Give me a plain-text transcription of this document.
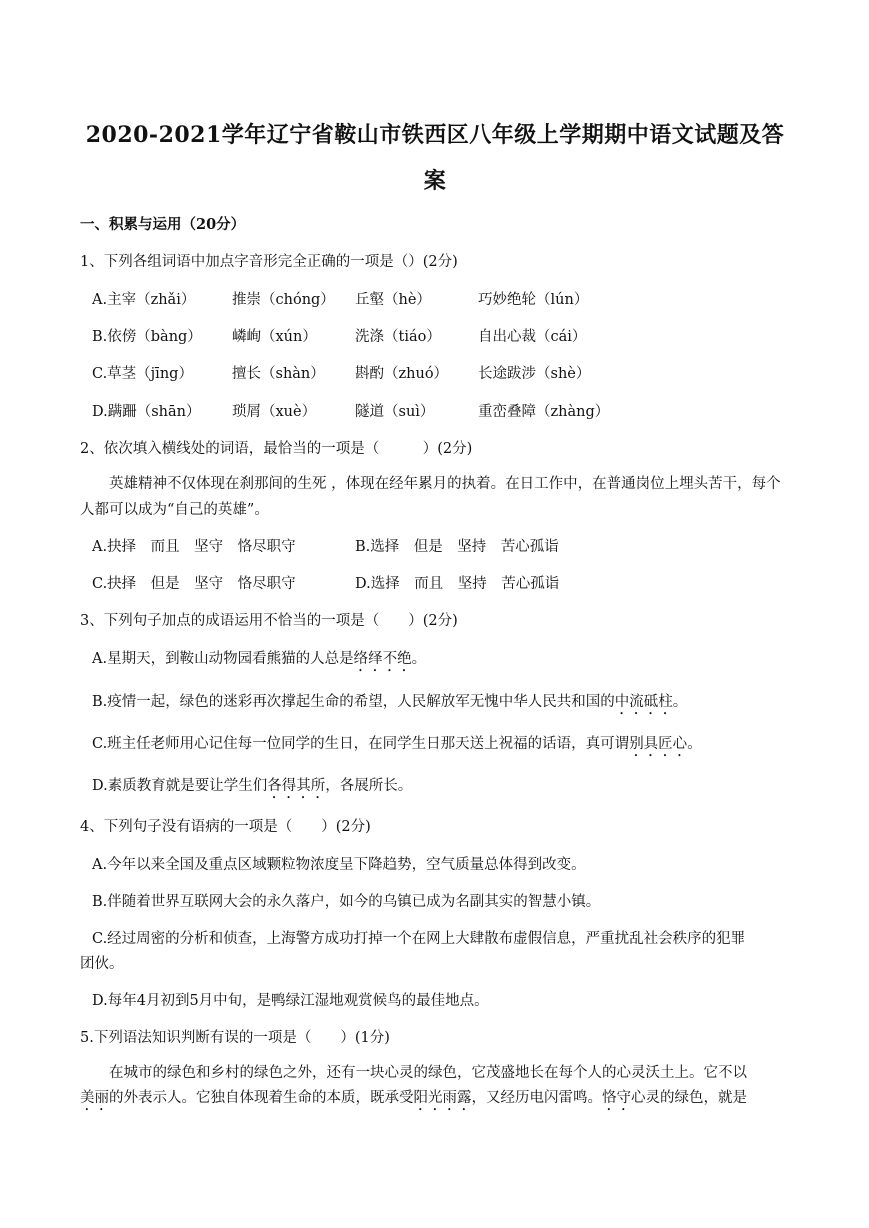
2020-2021学年辽宁省鞍山市铁西区八年级上学期期中语文试题及答
案
一、积累与运用（20分）
1、下列各组词语中加点字音形完全正确的一项是（）(2分)
A.主宰（zhǎi）	推崇（chóng） 丘壑（hè）	巧妙绝轮（lún）
B.依傍（bàng） 嶙峋（xún）	洗涤（tiáo）	自出心裁（cái）
C.草茎（jīng）	擅长（shàn） 斟酌（zhuó） 长途跋涉（shè）
D.蹒跚（shān） 琐屑（xuè）	隧道（suì）	重峦叠障（zhàng）
2、依次填入横线处的词语，最恰当的一项是（　　　）(2分)
英雄精神不仅体现在刹那间的生死 ，体现在经年累月的执着。在日工作中，在普通岗位上埋头苦干，每个人都可以成为“自己的英雄”。
A.抉择　而且　坚守　恪尽职守	B.选择　但是　坚持　苦心孤诣
C.抉择　但是　坚守　恪尽职守	D.选择　而且　坚持　苦心孤诣
3、下列句子加点的成语运用不恰当的一项是（　　）(2分)
A.星期天，到鞍山动物园看熊猫的人总是络绎不绝。
B.疫情一起，绿色的迷彩再次撑起生命的希望，人民解放军无愧中华人民共和国的中流砥柱。
C.班主任老师用心记住每一位同学的生日，在同学生日那天送上祝福的话语，真可谓别具匠心。
D.素质教育就是要让学生们各得其所，各展所长。
4、下列句子没有语病的一项是（　　）(2分)
A.今年以来全国及重点区域颗粒物浓度呈下降趋势，空气质量总体得到改变。
B.伴随着世界互联网大会的永久落户，如今的乌镇已成为名副其实的智慧小镇。
C.经过周密的分析和侦查，上海警方成功打掉一个在网上大肆散布虚假信息，严重扰乱社会秩序的犯罪
团伙。
D.每年4月初到5月中旬，是鸭绿江湿地观赏候鸟的最佳地点。
5.下列语法知识判断有误的一项是（　　）(1分)
在城市的绿色和乡村的绿色之外，还有一块心灵的绿色，它茂盛地长在每个人的心灵沃土上。它不以
美丽的外表示人。它独自体现着生命的本质，既承受阳光雨露，又经历电闪雷鸣。恪守心灵的绿色，就是
